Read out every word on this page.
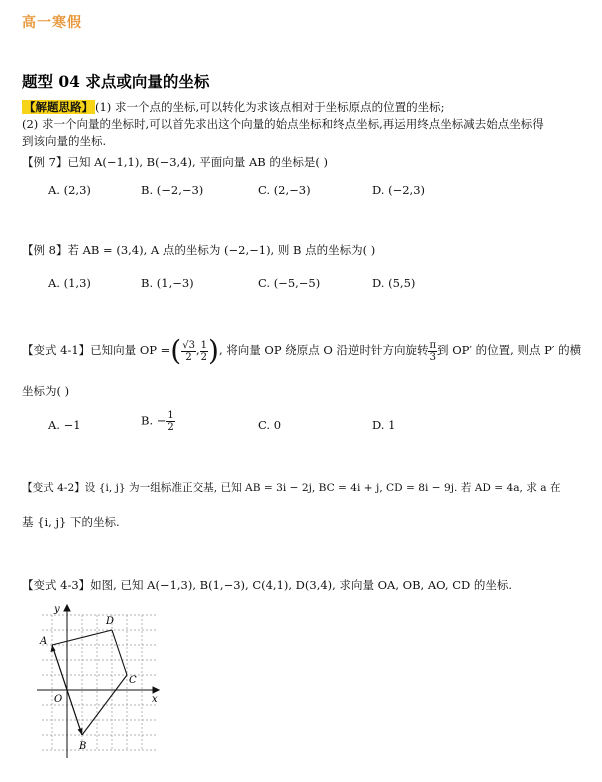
高一寒假
题型 04 求点或向量的坐标
【解题思路】 (1) 求一个点的坐标,可以转化为求该点相对于坐标原点的位置的坐标;
(2) 求一个向量的坐标时,可以首先求出这个向量的始点坐标和终点坐标,再运用终点坐标减去始点坐标得
到该向量的坐标.
【例 7】已知 A(−1,1), B(−3,4), 平面向量 AB 的坐标是( )
A. (2,3)	B. (−2,−3)	C. (2,−3)	D. (−2,3)
【例 8】若 AB = (3,4), A 点的坐标为 (−2,−1), 则 B 点的坐标为( )
A. (1,3)	B. (1,−3)	C. (−5,−5)	D. (5,5)
【变式 4-1】已知向量 OP =( $\frac{√3}{2}$ , $\frac{1}{2}$ ), 将向量 OP 绕原点 O 沿逆时针方向旋转 $\frac{\pi}{3}$ 到 OP′ 的位置, 则点 P′ 的横
坐标为( )
A. −1	B. − $\frac{1}{2}$	C. 0	D. 1
【变式 4-2】设 {i, j} 为一组标准正交基, 已知 AB = 3i − 2j, BC = 4i + j, CD = 8i − 9j. 若 AD = 4a, 求 a 在
基 {i, j} 下的坐标.
【变式 4-3】如图, 已知 A(−1,3), B(1,−3), C(4,1), D(3,4), 求向量 OA, OB, AO, CD 的坐标.
x
y
O
A
B
C
D
